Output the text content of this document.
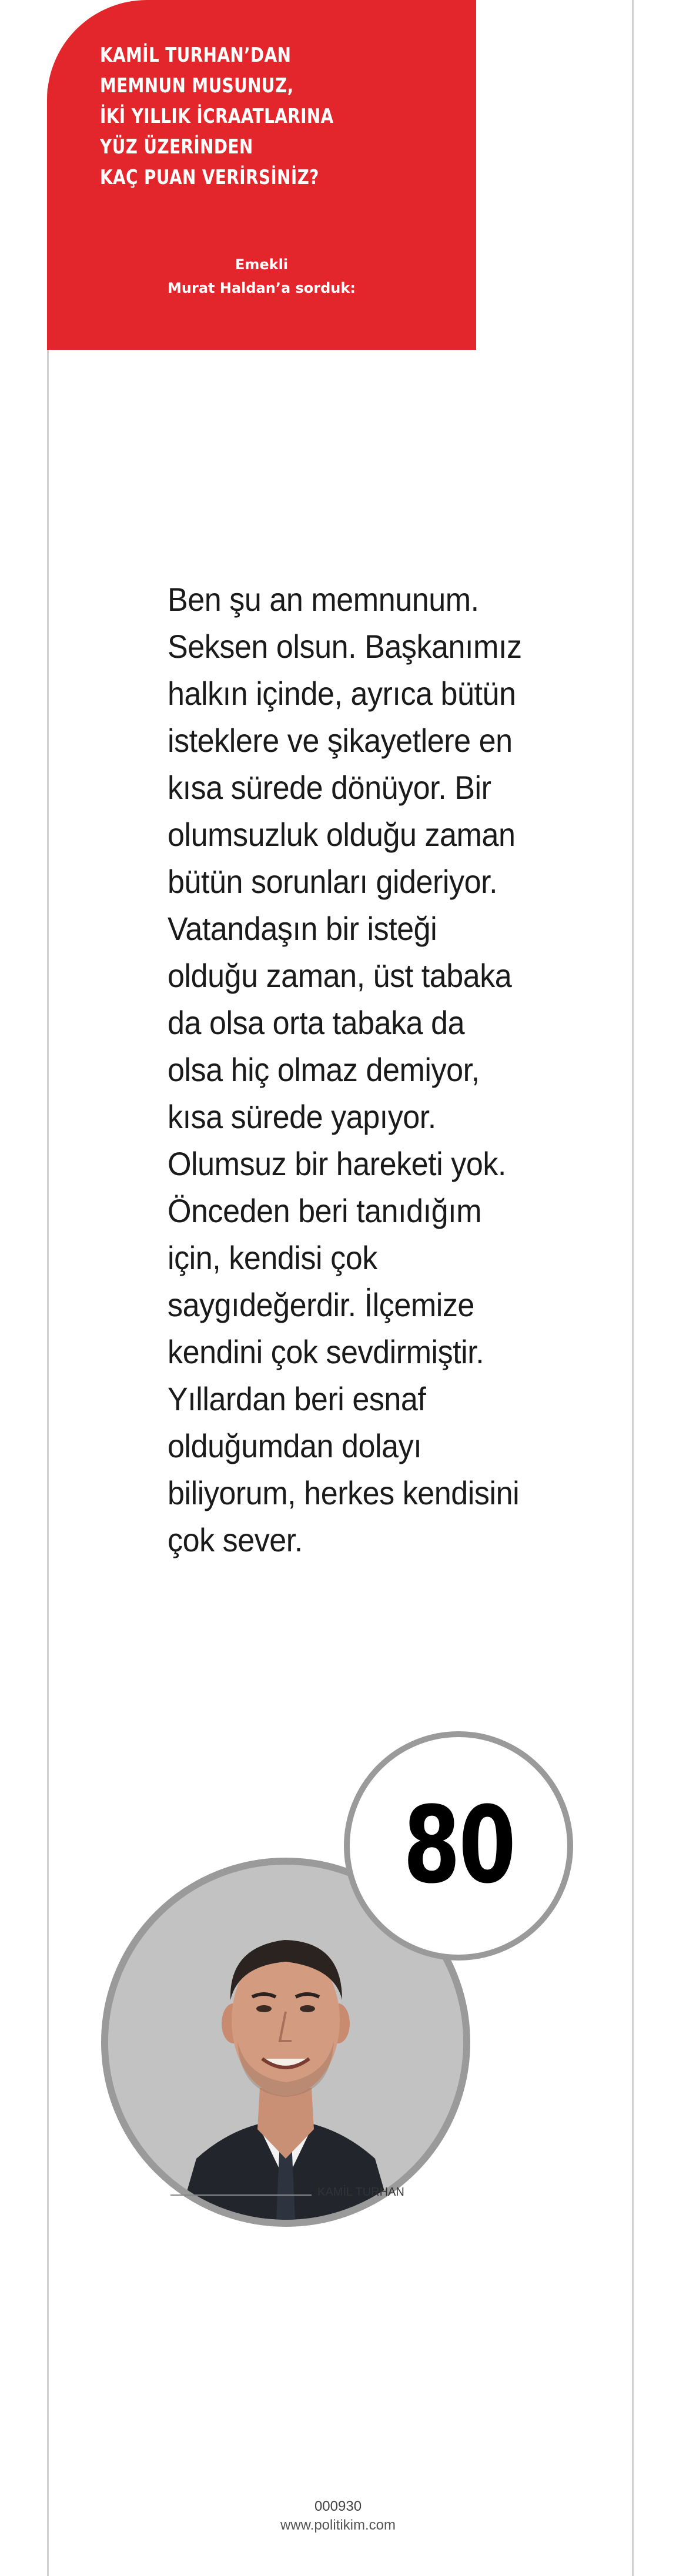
KAMİL TURHAN’DAN
MEMNUN MUSUNUZ,
İKİ YILLIK İCRAATLARINA
YÜZ ÜZERİNDEN
KAÇ PUAN VERİRSİNİZ?

Emekli
Murat Haldan’a sorduk:

Ben şu an memnunum. Seksen olsun. Başkanımız halkın içinde, ayrıca bütün isteklere ve şikayetlere en kısa sürede dönüyor. Bir olumsuzluk olduğu zaman bütün sorunları gideriyor. Vatandaşın bir isteği olduğu zaman, üst tabaka da olsa orta tabaka da olsa hiç olmaz demiyor, kısa sürede yapıyor. Olumsuz bir hareketi yok. Önceden beri tanıdığım için, kendisi çok saygıdeğerdir. İlçemize kendini çok sevdirmiştir. Yıllardan beri esnaf olduğumdan dolayı biliyorum, herkes kendisini çok sever.

80

KAMİL TURHAN

000930

www.politikim.com
